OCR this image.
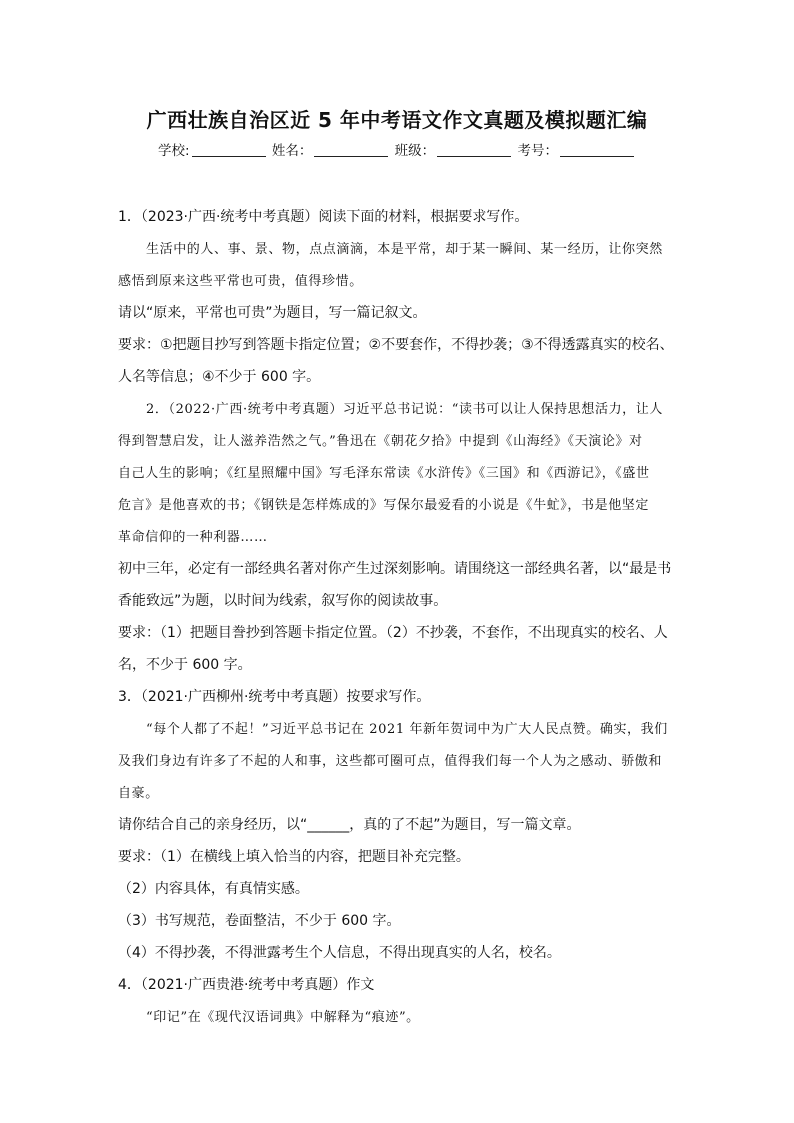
广西壮族自治区近 5 年中考语文作文真题及模拟题汇编
学校:	姓名：	班级：	考号：
1．（2023·广西·统考中考真题）阅读下面的材料，根据要求写作。
生活中的人、事、景、物，点点滴滴，本是平常，却于某一瞬间、某一经历，让你突然
感悟到原来这些平常也可贵，值得珍惜。
请以“原来，平常也可贵”为题目，写一篇记叙文。
要求：①把题目抄写到答题卡指定位置；②不要套作，不得抄袭；③不得透露真实的校名、
人名等信息；④不少于 600 字。
2．（2022·广西·统考中考真题）习近平总书记说：“读书可以让人保持思想活力，让人
得到智慧启发，让人滋养浩然之气。”鲁迅在《朝花夕拾》中提到《山海经》《天演论》对
自己人生的影响；《红星照耀中国》写毛泽东常读《水浒传》《三国》和《西游记》，《盛世
危言》是他喜欢的书；《钢铁是怎样炼成的》写保尔最爱看的小说是《牛虻》，书是他坚定
革命信仰的一种利器……
初中三年，必定有一部经典名著对你产生过深刻影响。请围绕这一部经典名著，以“最是书
香能致远”为题，以时间为线索，叙写你的阅读故事。
要求：（1）把题目誊抄到答题卡指定位置。（2）不抄袭，不套作，不出现真实的校名、人
名，不少于 600 字。
3．（2021·广西柳州·统考中考真题）按要求写作。
“每个人都了不起！”习近平总书记在 2021 年新年贺词中为广大人民点赞。确实，我们
及我们身边有许多了不起的人和事，这些都可圈可点，值得我们每一个人为之感动、骄傲和
自豪。
请你结合自己的亲身经历，以“______，真的了不起”为题目，写一篇文章。
要求：（1）在横线上填入恰当的内容，把题目补充完整。
（2）内容具体，有真情实感。
（3）书写规范，卷面整洁，不少于 600 字。
（4）不得抄袭，不得泄露考生个人信息，不得出现真实的人名，校名。
4．（2021·广西贵港·统考中考真题）作文
“印记”在《现代汉语词典》中解释为“痕迹”。
